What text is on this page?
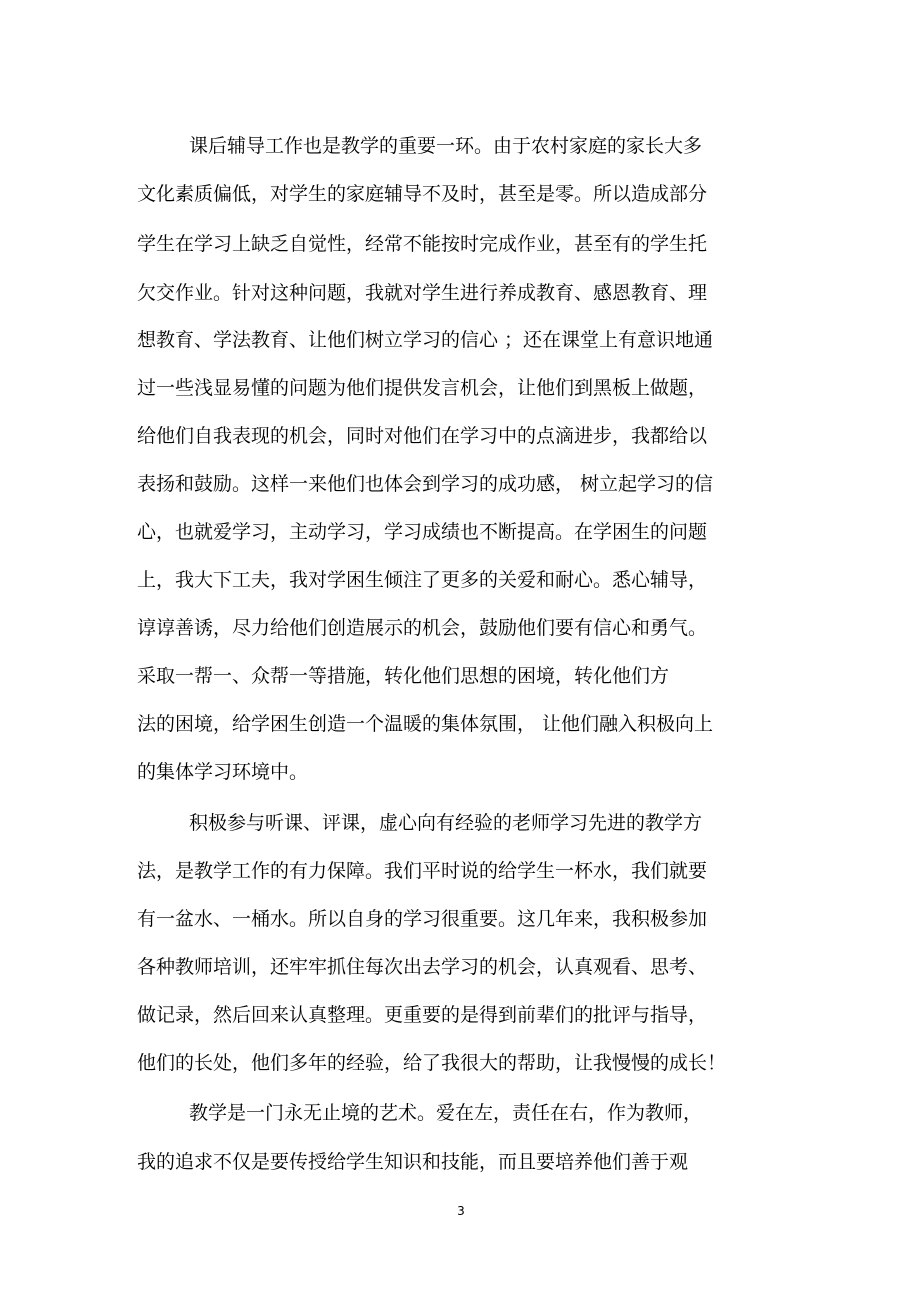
课后辅导工作也是教学的重要一环。由于农村家庭的家长大多

文化素质偏低，对学生的家庭辅导不及时，甚至是零。所以造成部分

学生在学习上缺乏自觉性，经常不能按时完成作业，甚至有的学生托

欠交作业。针对这种问题，我就对学生进行养成教育、感恩教育、理

想教育、学法教育、让他们树立学习的信心 ；还在课堂上有意识地通

过一些浅显易懂的问题为他们提供发言机会，让他们到黑板上做题，

给他们自我表现的机会，同时对他们在学习中的点滴进步，我都给以

表扬和鼓励。这样一来他们也体会到学习的成功感， 树立起学习的信

心，也就爱学习，主动学习，学习成绩也不断提高。在学困生的问题

上，我大下工夫，我对学困生倾注了更多的关爱和耐心。悉心辅导，

谆谆善诱，尽力给他们创造展示的机会，鼓励他们要有信心和勇气。

采取一帮一、众帮一等措施，转化他们思想的困境，转化他们方

法的困境，给学困生创造一个温暖的集体氛围， 让他们融入积极向上

的集体学习环境中。

积极参与听课、评课，虚心向有经验的老师学习先进的教学方

法，是教学工作的有力保障。我们平时说的给学生一杯水，我们就要

有一盆水、一桶水。所以自身的学习很重要。这几年来，我积极参加

各种教师培训，还牢牢抓住每次出去学习的机会，认真观看、思考、

做记录，然后回来认真整理。更重要的是得到前辈们的批评与指导，

他们的长处，他们多年的经验，给了我很大的帮助，让我慢慢的成长！

教学是一门永无止境的艺术。爱在左，责任在右，作为教师，

我的追求不仅是要传授给学生知识和技能，而且要培养他们善于观

3
